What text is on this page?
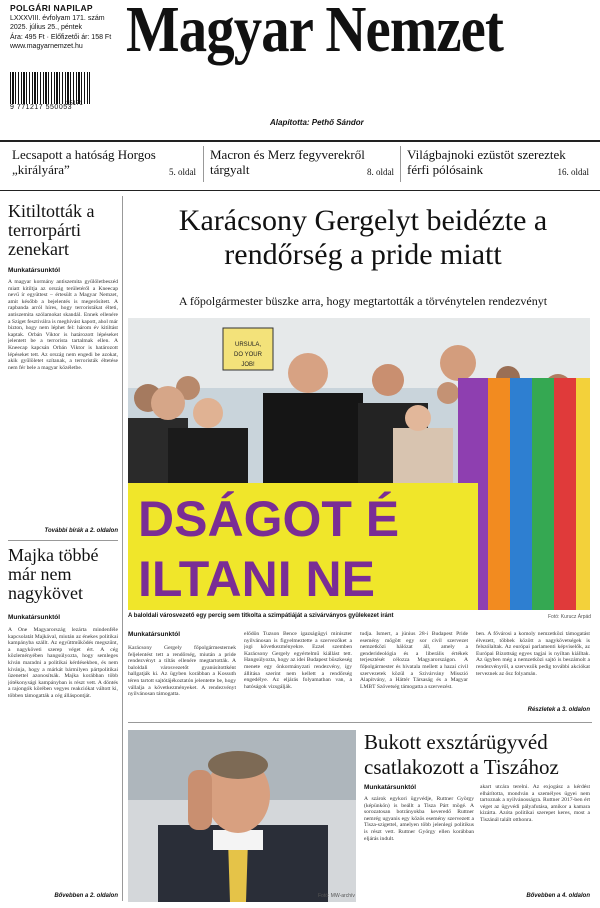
POLGÁRI NAPILAP
LXXXVIII. évfolyam 171. szám
2025. július 25., péntek
Ára: 495 Ft · Előfizetői ár: 158 Ft
www.magyarnemzet.hu
9 771217 550053
25171
Magyar Nemzet
Alapította: Pethő Sándor
Lecsapott a hatóság Horgos „királyára”	5. oldal
Macron és Merz fegyverekről tárgyalt	8. oldal
Világbajnoki ezüstöt szereztek férfi pólósaink	16. oldal
Kitiltották a terrorpárti zenekart
Munkatársunktól
A magyar kormány antiszemita gyűlöletbeszéd miatt kitiltja az ország területéről a Kneecap nevű ír együttest – értesült a Magyar Nemzet, amit később a bejelentés is megerősített. A rapbanda arról híres, hogy terroristákat élteti, antiszemita szólamokat skandál. Ennek ellenére a Sziget fesztiválra is meghívást kapott, ahol már bizton, hogy nem léphet fel: három év kitiltást kaptak. Orbán Viktor is határozott lépéseket jelentett be a terrorista tartalmak ellen. A Kneecap kapcsán Orbán Viktor is határozott lépéseket tett. Az ország nem engedi be azokat, akik gyűlöletet szítanak, a terroristák éltetése nem fér bele a magyar közéletbe.
További bírák a 2. oldalon
Majka többé már nem nagykövet
Munkatársunktól
A One Magyarország lezárta mindenféle kapcsolatát Majkával, miután az énekes politikai kampányba szállt. Az együttműködés megszűnt, a nagyköveti szerep véget ért. A cég közleményében hangsúlyozta, hogy semleges kíván maradni a politikai kérdésekben, és nem kívánja, hogy a márkát bármilyen pártpolitikai üzenettel azonosítsák. Majka korábban több jótékonysági kampányban is részt vett. A döntés a rajongók körében vegyes reakciókat váltott ki, többen támogatták a cég álláspontját.
Bővebben a 2. oldalon
Karácsony Gergelyt beidézte a rendőrség a pride miatt
A főpolgármester büszke arra, hogy megtartották a törvénytelen rendezvényt
URSULA,
DO YOUR
JOB!
DSÁGOT É
ILTANI NE
A baloldali városvezető egy percig sem titkolta a szimpátiáját a szivárványos gyülekezet iránt	Fotó: Kurucz Árpád
Munkatársunktól
Karácsony Gergely főpolgármesternek feljelentést tett a rendőrség, miután a pride rendezvényt a tiltás ellenére megtartották. A baloldali városvezetőt gyanúsítottként hallgatják ki. Az ügyben korábban a Kossuth téren tartott sajtótájékoztatón jelentette be, hogy vállalja a következményeket. A rendezvényt nyilvánosan támogatta.
elődön Tuzson Bence igazságügyi miniszter nyilvánosan is figyelmeztette a szervezőket a jogi következményekre. Ezzel szemben Karácsony Gergely egyértelmű kiállást tett. Hangsúlyozta, hogy az idei Budapest büszkeség menete egy önkormányzati rendezvény, így állítása szerint nem kellett a rendőrség engedélye. Az eljárás folyamatban van, a hatóságok vizsgálják.
tudja. Ismert, a június 28-i Budapest Pride esemény mögött egy sor civil szervezet nemzetközi hálózat áll, amely a genderideológia és a liberális értékek terjesztését célozza Magyarországon. A főpolgármester és hivatala mellett a hazai civil szervezetek közül a Szivárvány Misszió Alapítvány, a Háttér Társaság és a Magyar LMBT Szövetség támogatta a szervezést.
ben. A fővárosi a komoly nemzetközi támogatást élvezett, többek között a nagykövetségek is felszólaltak. Az európai parlamenti képviselők, az Európai Bizottság egyes tagjai is nyíltan kiálltak. Az ügyben még a nemzetközi sajtó is beszámolt a rendezvényről, a szervezők pedig további akciókat terveznek az ősz folyamán.
Részletek a 3. oldalon
Fotó: MW-archív
Bukott exsztárügyvéd csatlakozott a Tiszához
Munkatársunktól
A szárok egykori ügyvédje, Ruttner György (képünkön) is beállt a Tisza Párt mögé. A sorozatosan botrányokba keveredő Ruttner nemrég ugyanis egy közös esemény szervezett a Tisza-szigettel, amelyen több jelenlegi politikus is részt vett. Ruttner György ellen korábban eljárás indult.
akart utcára terelni. Az exjogász a kérdést elhárította, mondván a személyes ügyei nem tartoznak a nyilvánosságra. Ruttner 2017-ben ért véget az ügyvédi pályafutása, amikor a kamara kizárta. Azóta politikai szerepet keres, most a Tiszánál talált otthonra.
Bővebben a 4. oldalon
